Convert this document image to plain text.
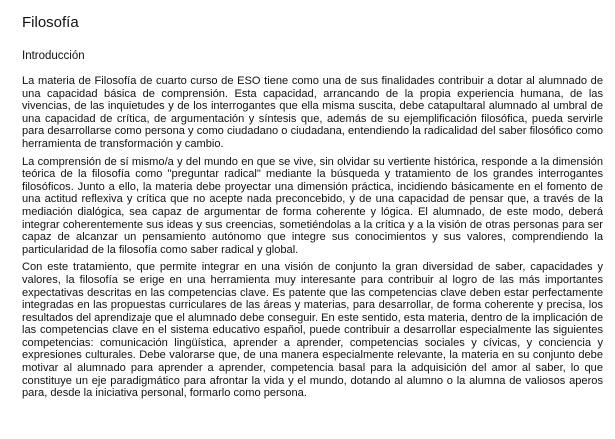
Filosofía
Introducción

La materia de Filosofía de cuarto curso de ESO tiene como una de sus finalidades contribuir a dotar al alumnado de una capacidad básica de comprensión. Esta capacidad, arrancando de la propia experiencia humana, de las vivencias, de las inquietudes y de los interrogantes que ella misma suscita, debe catapultaral alumnado al umbral de una capacidad de crítica, de argumentación y síntesis que, además de su ejemplificación filosófica, pueda servirle para desarrollarse como persona y como ciudadano o ciudadana, entendiendo la radicalidad del saber filosófico como herramienta de transformación y cambio.

La comprensión de sí mismo/a y del mundo en que se vive, sin olvidar su vertiente histórica, responde a la dimensión teórica de la filosofía como "preguntar radical" mediante la búsqueda y tratamiento de los grandes interrogantes filosóficos. Junto a ello, la materia debe proyectar una dimensión práctica, incidiendo básicamente en el fomento de una actitud reflexiva y crítica que no acepte nada preconcebido, y de una capacidad de pensar que, a través de la mediación dialógica, sea capaz de argumentar de forma coherente y lógica. El alumnado, de este modo, deberá integrar coherentemente sus ideas y sus creencias, sometiéndolas a la crítica y a la visión de otras personas para ser capaz de alcanzar un pensamiento autónomo que integre sus conocimientos y sus valores, comprendiendo la particularidad de la filosofía como saber radical y global.

Con este tratamiento, que permite integrar en una visión de conjunto la gran diversidad de saber, capacidades y valores, la filosofía se erige en una herramienta muy interesante para contribuir al logro de las más importantes expectativas descritas en las competencias clave. Es patente que las competencias clave deben estar perfectamente integradas en las propuestas curriculares de las áreas y materias, para desarrollar, de forma coherente y precisa, los resultados del aprendizaje que el alumnado debe conseguir. En este sentido, esta materia, dentro de la implicación de las competencias clave en el sistema educativo español, puede contribuir a desarrollar especialmente las siguientes competencias: comunicación lingüística, aprender a aprender, competencias sociales y cívicas, y conciencia y expresiones culturales. Debe valorarse que, de una manera especialmente relevante, la materia en su conjunto debe motivar al alumnado para aprender a aprender, competencia basal para la adquisición del amor al saber, lo que constituye un eje paradigmático para afrontar la vida y el mundo, dotando al alumno o la alumna de valiosos aperos para, desde la iniciativa personal, formarlo como persona.
